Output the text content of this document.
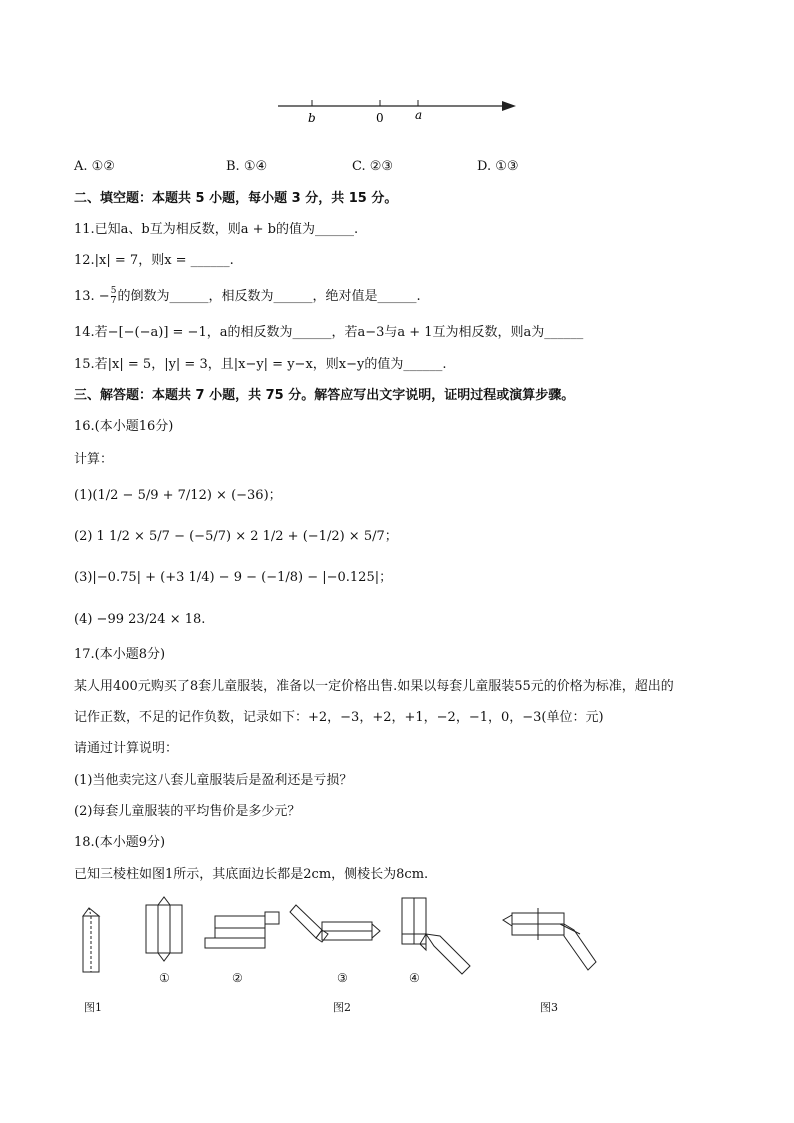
b	0	a
A. ①②	B. ①④	C. ②③	D. ①③
二、填空题：本题共 5 小题，每小题 3 分，共 15 分。
11.已知a、b互为相反数，则a + b的值为______.
12.|x| = 7，则x = ______.
13. − $\frac{5}{7}$ 的倒数为______，相反数为______，绝对值是______.
14.若−[−(−a)] = −1，a的相反数为______，若a−3与a + 1互为相反数，则a为______
15.若|x| = 5，|y| = 3，且|x−y| = y−x，则x−y的值为______.
三、解答题：本题共 7 小题，共 75 分。解答应写出文字说明，证明过程或演算步骤。
16.(本小题16分)
计算：
(1)(1/2 − 5/9 + 7/12) × (−36)；
(2) 1 1/2 × 5/7 − (−5/7) × 2 1/2 + (−1/2) × 5/7；
(3)|−0.75| + (+3 1/4) − 9 − (−1/8) − |−0.125|；
(4) −99 23/24 × 18.
17.(本小题8分)
某人用400元购买了8套儿童服装，准备以一定价格出售.如果以每套儿童服装55元的价格为标准，超出的
记作正数，不足的记作负数，记录如下：+2，−3，+2，+1，−2，−1，0，−3(单位：元)
请通过计算说明：
(1)当他卖完这八套儿童服装后是盈利还是亏损？
(2)每套儿童服装的平均售价是多少元？
18.(本小题9分)
已知三棱柱如图1所示，其底面边长都是2cm，侧棱长为8cm.
①	②	③	④
图1	图2	图3
